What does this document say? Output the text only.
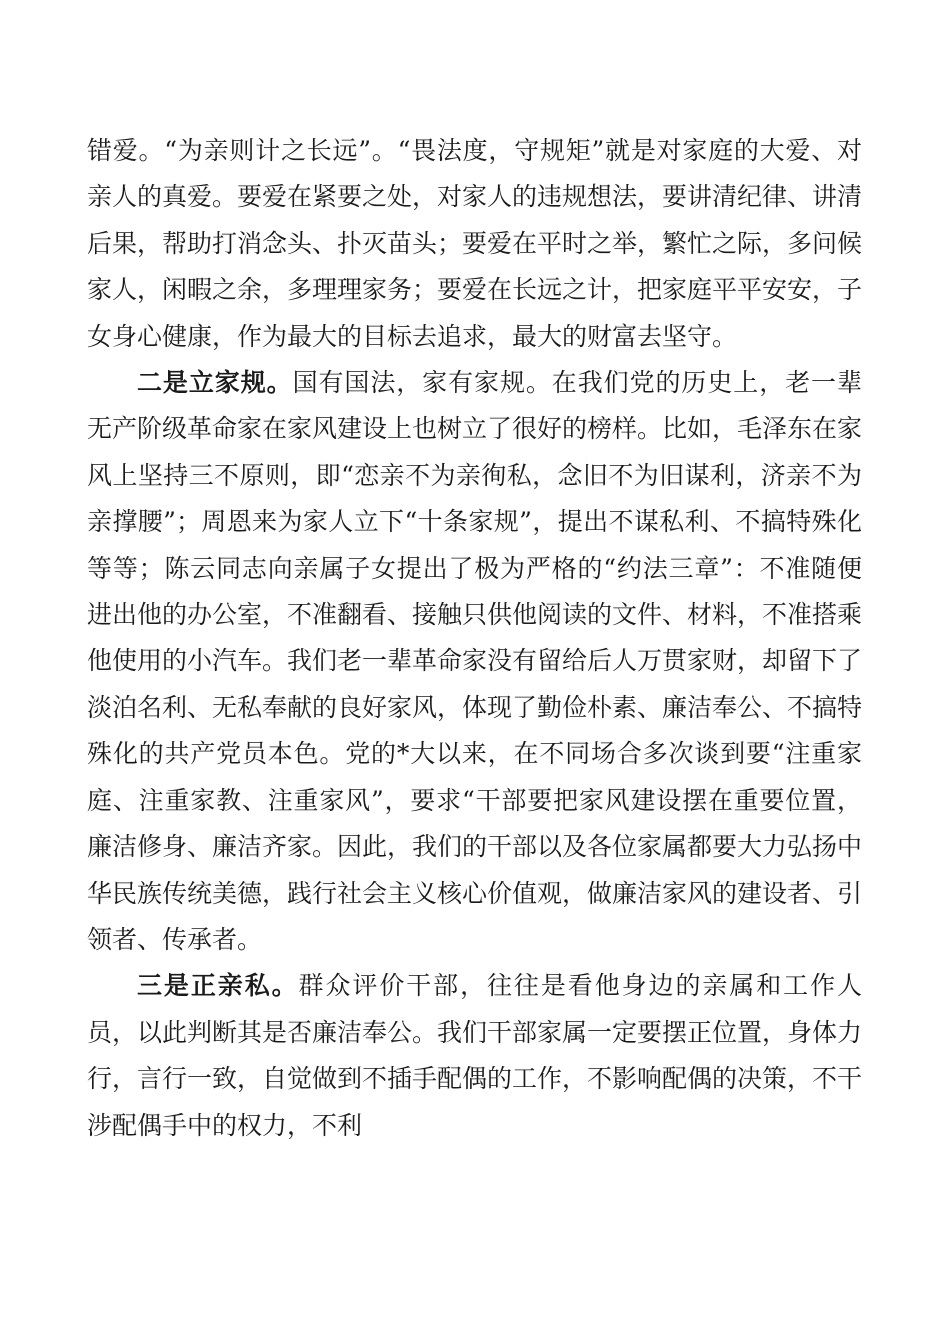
错爱。“为亲则计之长远”。“畏法度，守规矩”就是对家庭的大爱、对亲人的真爱。要爱在紧要之处，对家人的违规想法，要讲清纪律、讲清后果，帮助打消念头、扑灭苗头；要爱在平时之举，繁忙之际，多问候家人，闲暇之余，多理理家务；要爱在长远之计，把家庭平平安安，子女身心健康，作为最大的目标去追求，最大的财富去坚守。

二是立家规。国有国法，家有家规。在我们党的历史上，老一辈无产阶级革命家在家风建设上也树立了很好的榜样。比如，毛泽东在家风上坚持三不原则，即“恋亲不为亲徇私，念旧不为旧谋利，济亲不为亲撑腰”；周恩来为家人立下“十条家规”，提出不谋私利、不搞特殊化等等；陈云同志向亲属子女提出了极为严格的“约法三章”：不准随便进出他的办公室，不准翻看、接触只供他阅读的文件、材料，不准搭乘他使用的小汽车。我们老一辈革命家没有留给后人万贯家财，却留下了淡泊名利、无私奉献的良好家风，体现了勤俭朴素、廉洁奉公、不搞特殊化的共产党员本色。党的*大以来，在不同场合多次谈到要“注重家庭、注重家教、注重家风”，要求“干部要把家风建设摆在重要位置，廉洁修身、廉洁齐家。因此，我们的干部以及各位家属都要大力弘扬中华民族传统美德，践行社会主义核心价值观，做廉洁家风的建设者、引领者、传承者。

三是正亲私。群众评价干部，往往是看他身边的亲属和工作人员，以此判断其是否廉洁奉公。我们干部家属一定要摆正位置，身体力行，言行一致，自觉做到不插手配偶的工作，不影响配偶的决策，不干涉配偶手中的权力，不利
